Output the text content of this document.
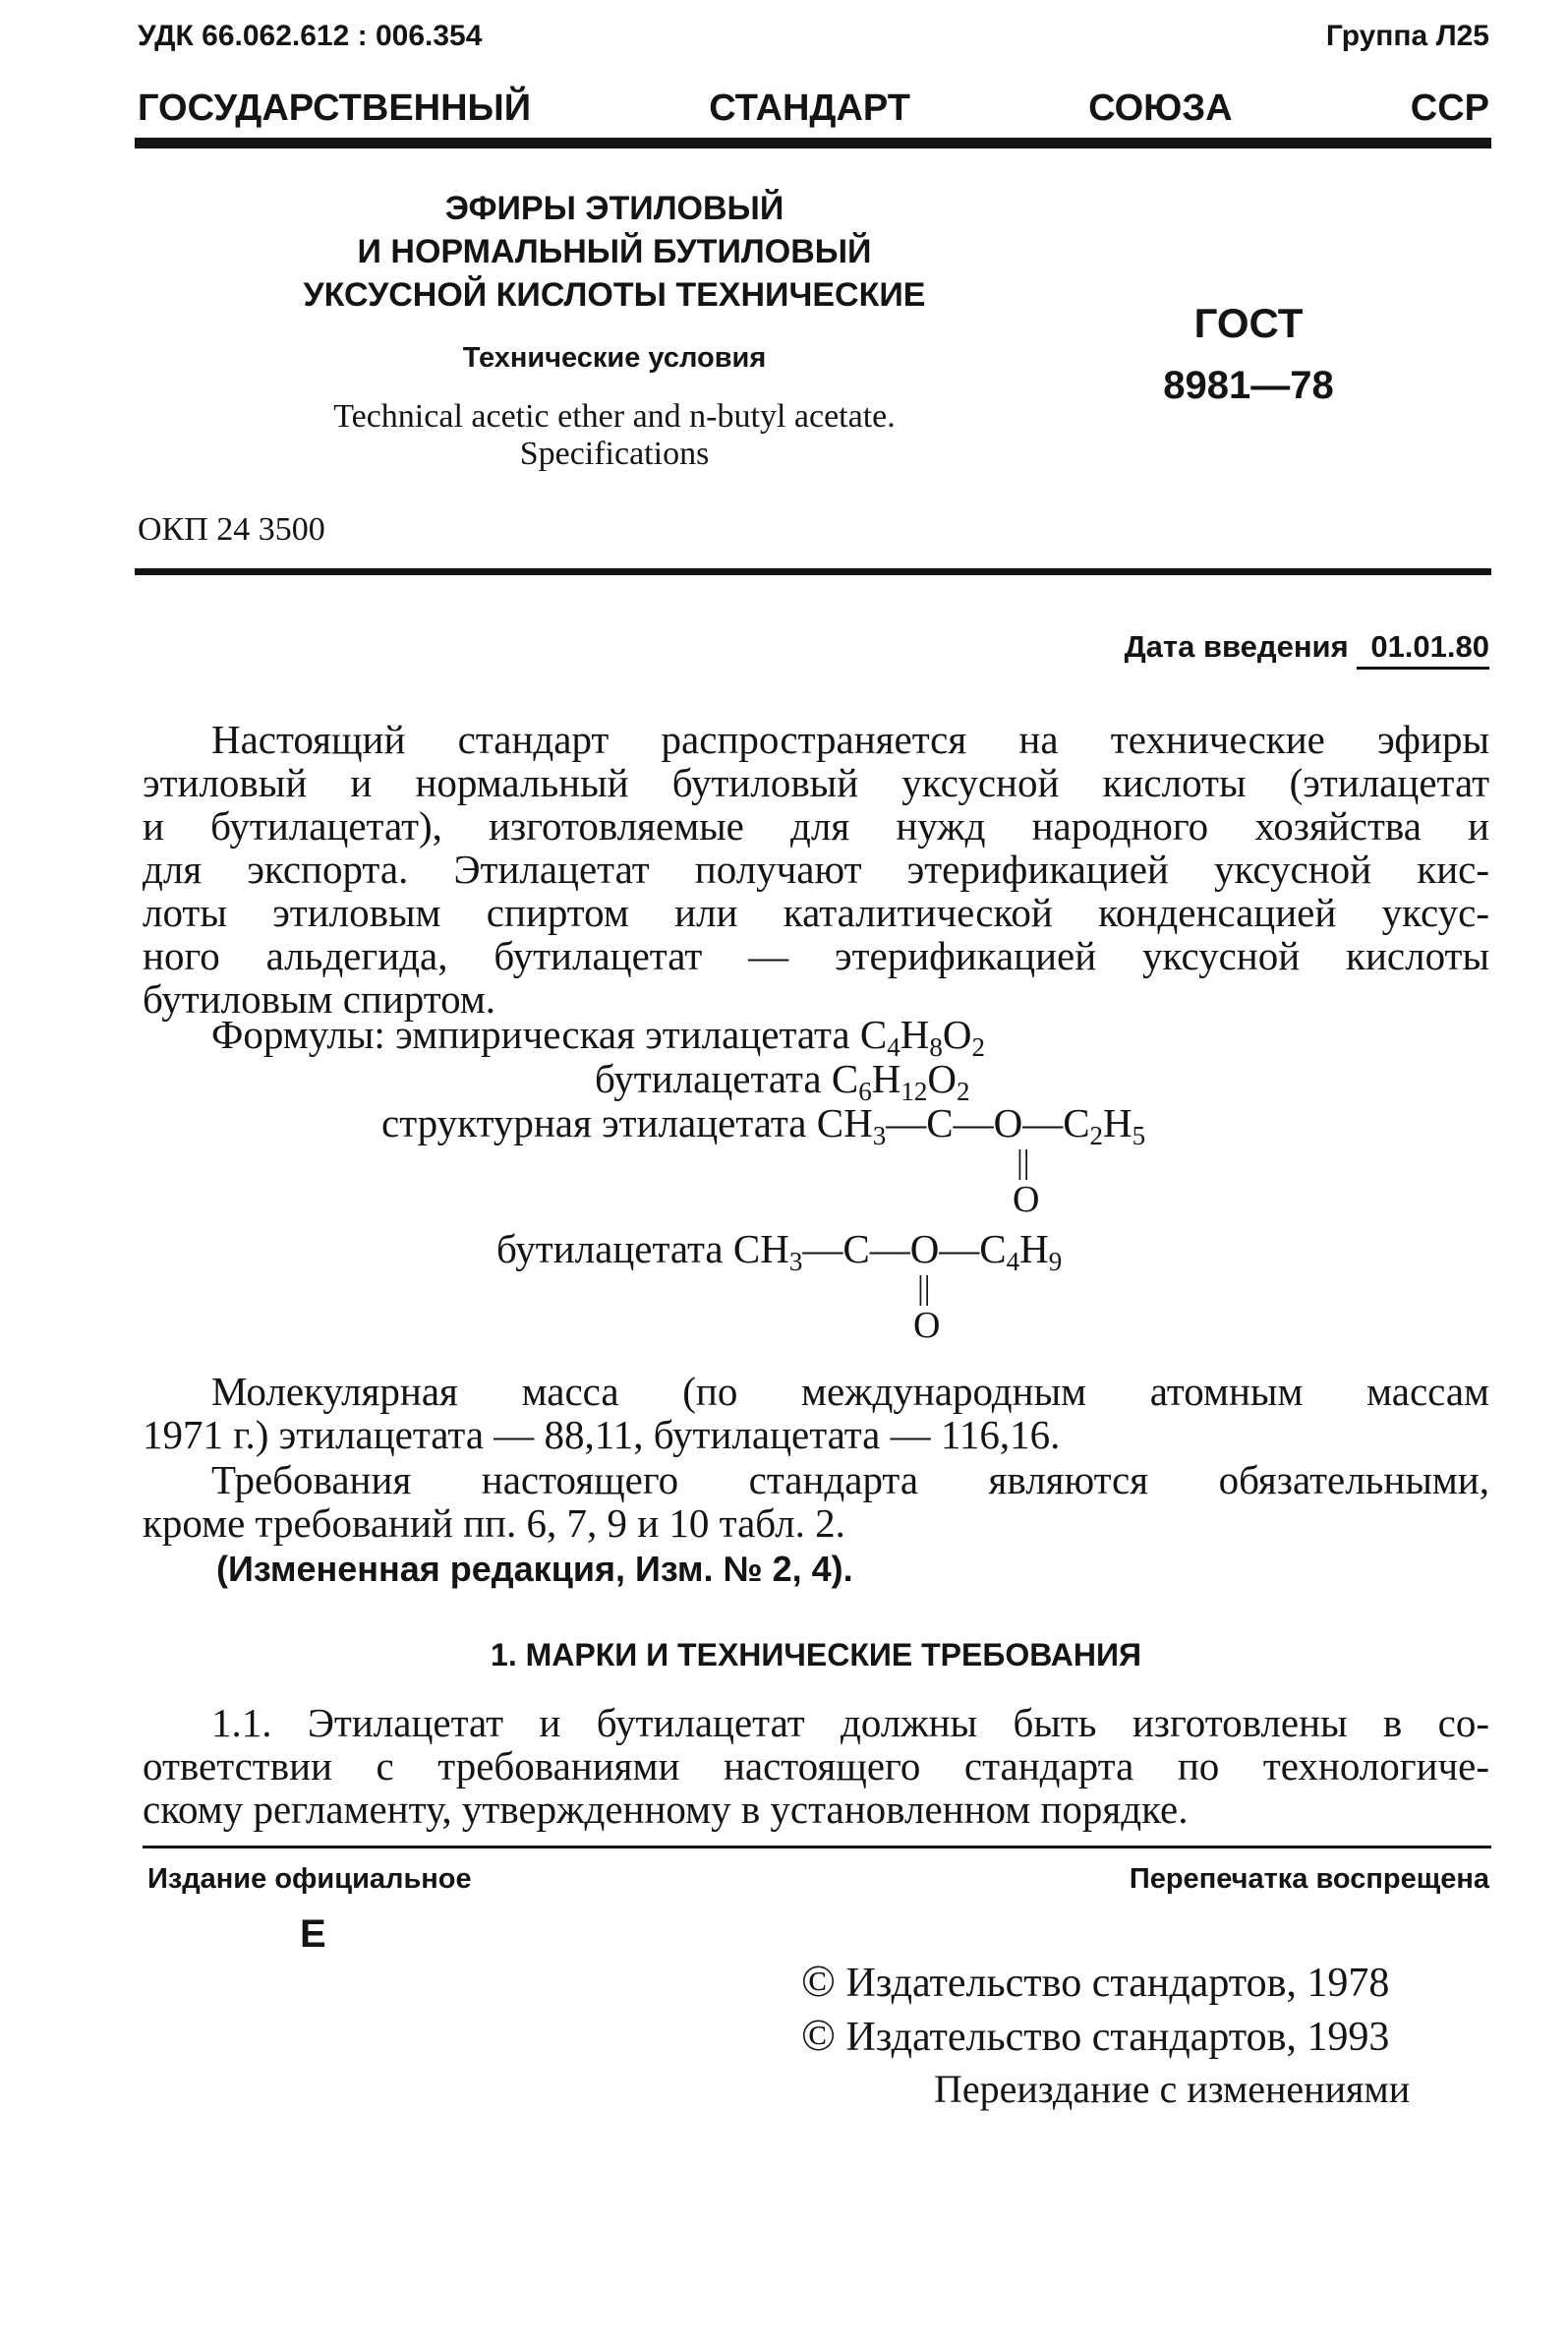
УДК 66.062.612 : 006.354	Группа Л25
ГОСУДАРСТВЕННЫЙ СТАНДАРТ СОЮЗА ССР
ЭФИРЫ ЭТИЛОВЫЙ
И НОРМАЛЬНЫЙ БУТИЛОВЫЙ
УКСУСНОЙ КИСЛОТЫ ТЕХНИЧЕСКИЕ
Технические условия
Technical acetic ether and n-butyl acetate.
Specifications
ГОСТ
8981—78
ОКП 24 3500
Дата введения 01.01.80
Настоящий стандарт распространяется на технические эфиры
этиловый и нормальный бутиловый уксусной кислоты (этилацетат
и бутилацетат), изготовляемые для нужд народного хозяйства и
для экспорта. Этилацетат получают этерификацией уксусной кис-
лоты этиловым спиртом или каталитической конденсацией уксус-
ного альдегида, бутилацетат — этерификацией уксусной кислоты
бутиловым спиртом.
Формулы: эмпирическая этилацетата $C_4H_8O_2$
бутилацетата $C_6H_{12}O_2$
структурная этилацетата $CH_3—C—O—C_2H_5$
||
O
бутилацетата $CH_3—C—O—C_4H_9$
||
O
Молекулярная масса (по международным атомным массам
1971 г.) этилацетата — 88,11, бутилацетата — 116,16.
Требования настоящего стандарта являются обязательными,
кроме требований пп. 6, 7, 9 и 10 табл. 2.
(Измененная редакция, Изм. № 2, 4).
1. МАРКИ И ТЕХНИЧЕСКИЕ ТРЕБОВАНИЯ
1.1. Этилацетат и бутилацетат должны быть изготовлены в со-
ответствии с требованиями настоящего стандарта по технологиче-
скому регламенту, утвержденному в установленном порядке.
Издание официальное	Перепечатка воспрещена
E
© Издательство стандартов, 1978
© Издательство стандартов, 1993
Переиздание с изменениями
